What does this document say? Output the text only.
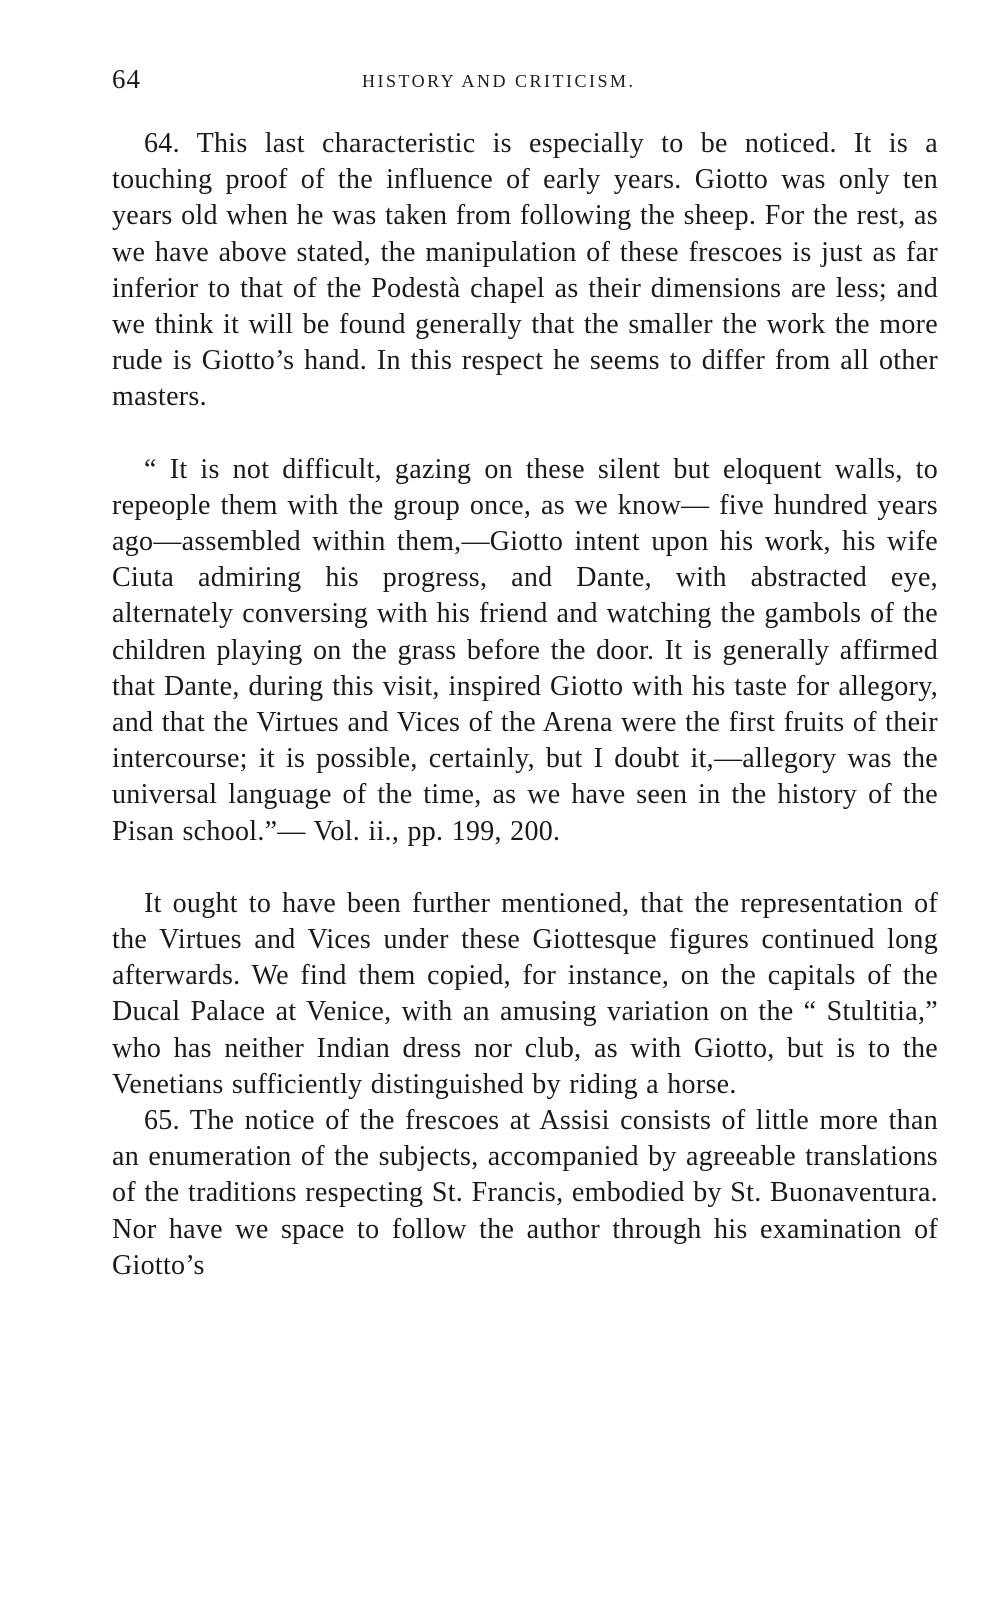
64	HISTORY AND CRITICISM.

64. This last characteristic is especially to be noticed. It is a touching proof of the influence of early years. Giotto was only ten years old when he was taken from following the sheep. For the rest, as we have above stated, the manipulation of these frescoes is just as far inferior to that of the Podestà chapel as their dimensions are less; and we think it will be found generally that the smaller the work the more rude is Giotto’s hand. In this respect he seems to differ from all other masters.

“ It is not difficult, gazing on these silent but eloquent walls, to repeople them with the group once, as we know— five hundred years ago—assembled within them,—Giotto intent upon his work, his wife Ciuta admiring his progress, and Dante, with abstracted eye, alternately conversing with his friend and watching the gambols of the children playing on the grass before the door. It is generally affirmed that Dante, during this visit, inspired Giotto with his taste for allegory, and that the Virtues and Vices of the Arena were the first fruits of their intercourse; it is possible, certainly, but I doubt it,—allegory was the universal language of the time, as we have seen in the history of the Pisan school.”— Vol. ii., pp. 199, 200.

It ought to have been further mentioned, that the representation of the Virtues and Vices under these Giottesque figures continued long afterwards. We find them copied, for instance, on the capitals of the Ducal Palace at Venice, with an amusing variation on the “ Stultitia,” who has neither Indian dress nor club, as with Giotto, but is to the Venetians sufficiently distinguished by riding a horse.

65. The notice of the frescoes at Assisi consists of little more than an enumeration of the subjects, accompanied by agreeable translations of the traditions respecting St. Francis, embodied by St. Buonaventura. Nor have we space to follow the author through his examination of Giotto’s
